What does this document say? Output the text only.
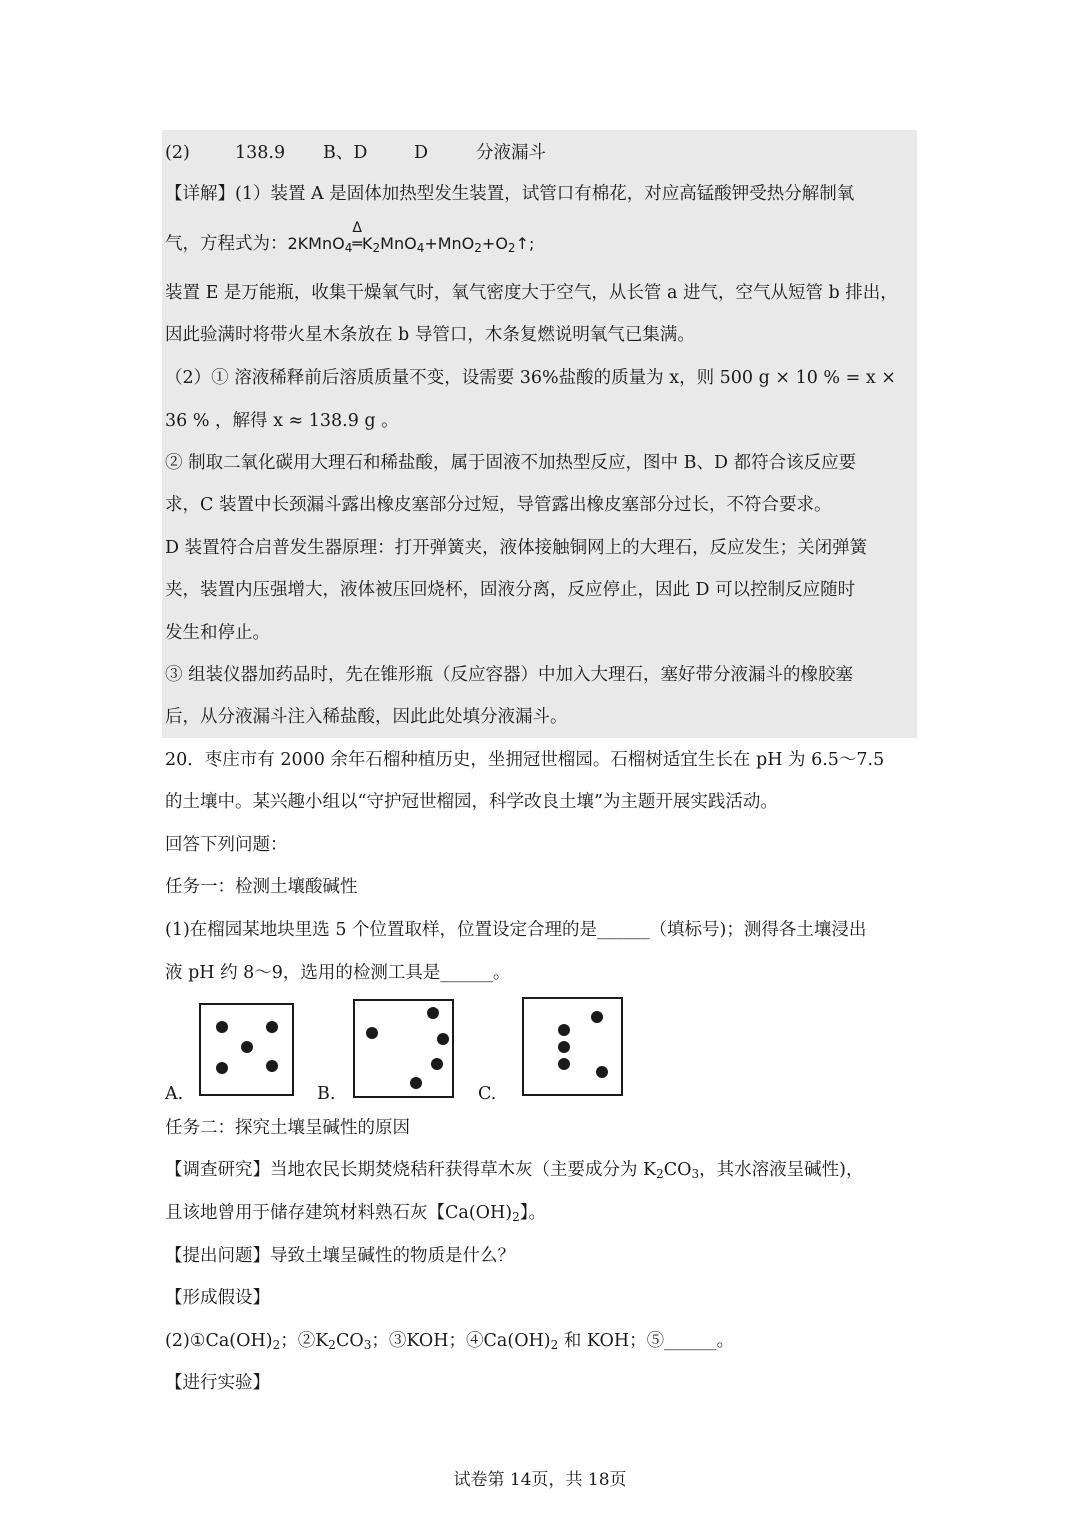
(2)	138.9 B、D	D	分液漏斗
【详解】(1）装置 A 是固体加热型发生装置，试管口有棉花，对应高锰酸钾受热分解制氧
气，方程式为：2KMnO$_4$
Δ
$═K_2MnO_4+MnO_2+O_2↑$;
装置 E 是万能瓶，收集干燥氧气时，氧气密度大于空气，从长管 a 进气，空气从短管 b 排出，
因此验满时将带火星木条放在 b 导管口，木条复燃说明氧气已集满。
（2）① 溶液稀释前后溶质质量不变，设需要 36%盐酸的质量为 x，则 500 g × 10 % = x ×
36 % ，解得 x ≈ 138.9 g 。
② 制取二氧化碳用大理石和稀盐酸，属于固液不加热型反应，图中 B、D 都符合该反应要
求，C 装置中长颈漏斗露出橡皮塞部分过短，导管露出橡皮塞部分过长，不符合要求。
D 装置符合启普发生器原理：打开弹簧夹，液体接触铜网上的大理石，反应发生；关闭弹簧
夹，装置内压强增大，液体被压回烧杯，固液分离，反应停止，因此 D 可以控制反应随时
发生和停止。
③ 组装仪器加药品时，先在锥形瓶（反应容器）中加入大理石，塞好带分液漏斗的橡胶塞
后，从分液漏斗注入稀盐酸，因此此处填分液漏斗。
20．枣庄市有 2000 余年石榴种植历史，坐拥冠世榴园。石榴树适宜生长在 pH 为 6.5～7.5
的土壤中。某兴趣小组以“守护冠世榴园，科学改良土壤”为主题开展实践活动。
回答下列问题：
任务一：检测土壤酸碱性
(1)在榴园某地块里选 5 个位置取样，位置设定合理的是______（填标号)；测得各土壤浸出
液 pH 约 8～9，选用的检测工具是______。
A.	B.	C.
任务二：探究土壤呈碱性的原因
【调查研究】当地农民长期焚烧秸秆获得草木灰（主要成分为 $K_2CO_3$，其水溶液呈碱性)，
且该地曾用于储存建筑材料熟石灰【$Ca(OH)_2$】。
【提出问题】导致土壤呈碱性的物质是什么？
【形成假设】
$(2)①Ca(OH)_2$；$②K_2CO_3$；③KOH；$④Ca(OH)_2$ 和 KOH；⑤______。
【进行实验】
试卷第 14页，共 18页
